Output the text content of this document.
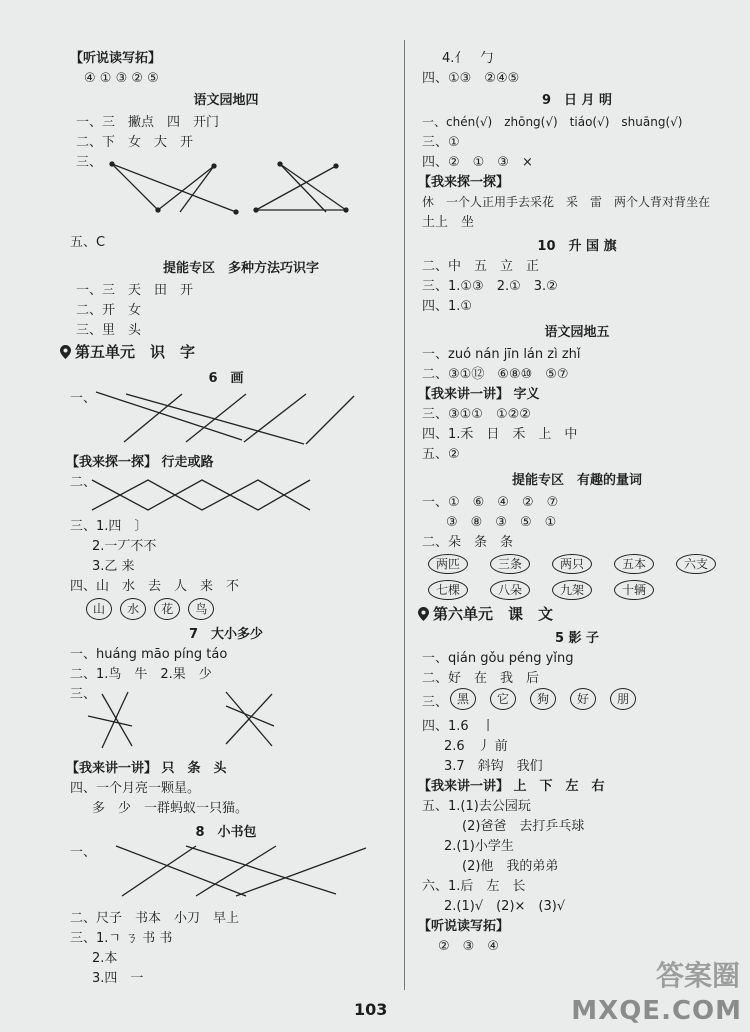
【听说读写拓】
④ ① ③ ② ⑤
语文园地四
一、三　撇点　四　开门
二、下　女　大　开
三、
五、C
提能专区　多种方法巧识字
一、三　天　田　开
二、开　女
三、里　头
第五单元　识　字
6　画
一、
【我来探一探】 行走或路
二、
三、1.四　〕
2.一丆不不
3.乙 来
四、山　水　去　人　来　不
山 水 花 鸟
7　大小多少
一、huáng māo píng táo
二、1.鸟　牛　2.果　少
三、
【我来讲一讲】 只　条　头
四、一个月亮一颗星。
多　少　一群蚂蚁一只猫。
8　小书包
一、
二、尺子　书本　小刀　早上
三、1.ㄱ ㄋ 书 书
2.本
3.四　一
4.亻　勹
四、①③　②④⑤
9　日 月 明
一、chén(√)　zhōng(√)　tiáo(√)　shuāng(√)
三、①
四、②　①　③　×
【我来探一探】
休　一个人正用手去采花　采　雷　两个人背对背坐在
土上　坐
10　升 国 旗
二、中　五　立　正
三、1.①③　2.①　3.②
四、1.①
语文园地五
一、zuó nán jīn lán zì zhǐ
二、③①⑫　⑥⑧⑩　⑤⑦
【我来讲一讲】 字义
三、③①①　①②②
四、1.禾　日　禾　上　中
五、②
提能专区　有趣的量词
一、①　⑥　④　②　⑦
③　⑧　③　⑤　①
二、朵　条　条
两匹	三条	两只	五本	六支
七棵	八朵	九架	十辆
第六单元　课　文
5 影 子
一、qián gǒu péng yǐng
二、好　在　我　后
三、 黑 它 狗 好 朋
四、1.6　丨
2.6　丿 前
3.7　斜钩　我们
【我来讲一讲】 上　下　左　右
五、1.(1)去公园玩
(2)爸爸　去打乒乓球
2.(1)小学生
(2)他　我的弟弟
六、1.后　左　长
2.(1)√　(2)×　(3)√
【听说读写拓】
②　③　④
103
答案圈
MXQE.COM
